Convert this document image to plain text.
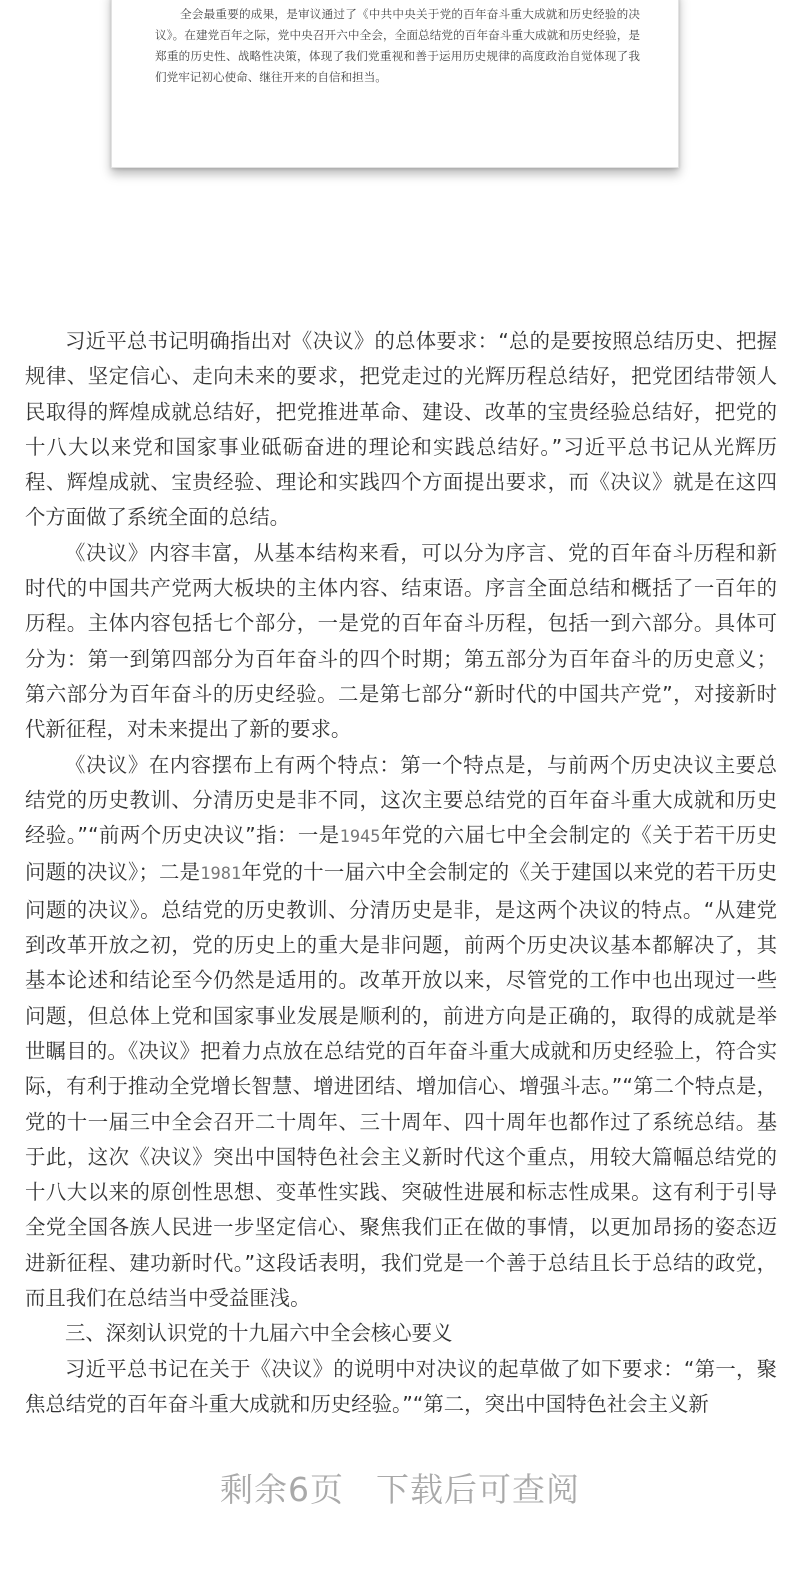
全会最重要的成果，是审议通过了《中共中央关于党的百年奋斗重大成就和历史经验的决议》。在建党百年之际，党中央召开六中全会，全面总结党的百年奋斗重大成就和历史经验，是郑重的历史性、战略性决策，体现了我们党重视和善于运用历史规律的高度政治自觉体现了我们党牢记初心使命、继往开来的自信和担当。

习近平总书记明确指出对《决议》的总体要求：“总的是要按照总结历史、把握规律、坚定信心、走向未来的要求，把党走过的光辉历程总结好，把党团结带领人民取得的辉煌成就总结好，把党推进革命、建设、改革的宝贵经验总结好，把党的十八大以来党和国家事业砥砺奋进的理论和实践总结好。”习近平总书记从光辉历程、辉煌成就、宝贵经验、理论和实践四个方面提出要求，而《决议》就是在这四个方面做了系统全面的总结。

《决议》内容丰富，从基本结构来看，可以分为序言、党的百年奋斗历程和新时代的中国共产党两大板块的主体内容、结束语。序言全面总结和概括了一百年的历程。主体内容包括七个部分，一是党的百年奋斗历程，包括一到六部分。具体可分为：第一到第四部分为百年奋斗的四个时期；第五部分为百年奋斗的历史意义；第六部分为百年奋斗的历史经验。二是第七部分“新时代的中国共产党”，对接新时代新征程，对未来提出了新的要求。

《决议》在内容摆布上有两个特点：第一个特点是，与前两个历史决议主要总结党的历史教训、分清历史是非不同，这次主要总结党的百年奋斗重大成就和历史经验。”“前两个历史决议”指：一是1945年党的六届七中全会制定的《关于若干历史问题的决议》；二是1981年党的十一届六中全会制定的《关于建国以来党的若干历史问题的决议》。总结党的历史教训、分清历史是非，是这两个决议的特点。“从建党到改革开放之初，党的历史上的重大是非问题，前两个历史决议基本都解决了，其基本论述和结论至今仍然是适用的。改革开放以来，尽管党的工作中也出现过一些问题，但总体上党和国家事业发展是顺利的，前进方向是正确的，取得的成就是举世瞩目的。《决议》把着力点放在总结党的百年奋斗重大成就和历史经验上，符合实际，有利于推动全党增长智慧、增进团结、增加信心、增强斗志。”“第二个特点是，党的十一届三中全会召开二十周年、三十周年、四十周年也都作过了系统总结。基于此，这次《决议》突出中国特色社会主义新时代这个重点，用较大篇幅总结党的十八大以来的原创性思想、变革性实践、突破性进展和标志性成果。这有利于引导全党全国各族人民进一步坚定信心、聚焦我们正在做的事情，以更加昂扬的姿态迈进新征程、建功新时代。”这段话表明，我们党是一个善于总结且长于总结的政党，而且我们在总结当中受益匪浅。

三、深刻认识党的十九届六中全会核心要义

习近平总书记在关于《决议》的说明中对决议的起草做了如下要求：“第一，聚焦总结党的百年奋斗重大成就和历史经验。”“第二，突出中国特色社会主义新

剩余6页 下载后可查阅
